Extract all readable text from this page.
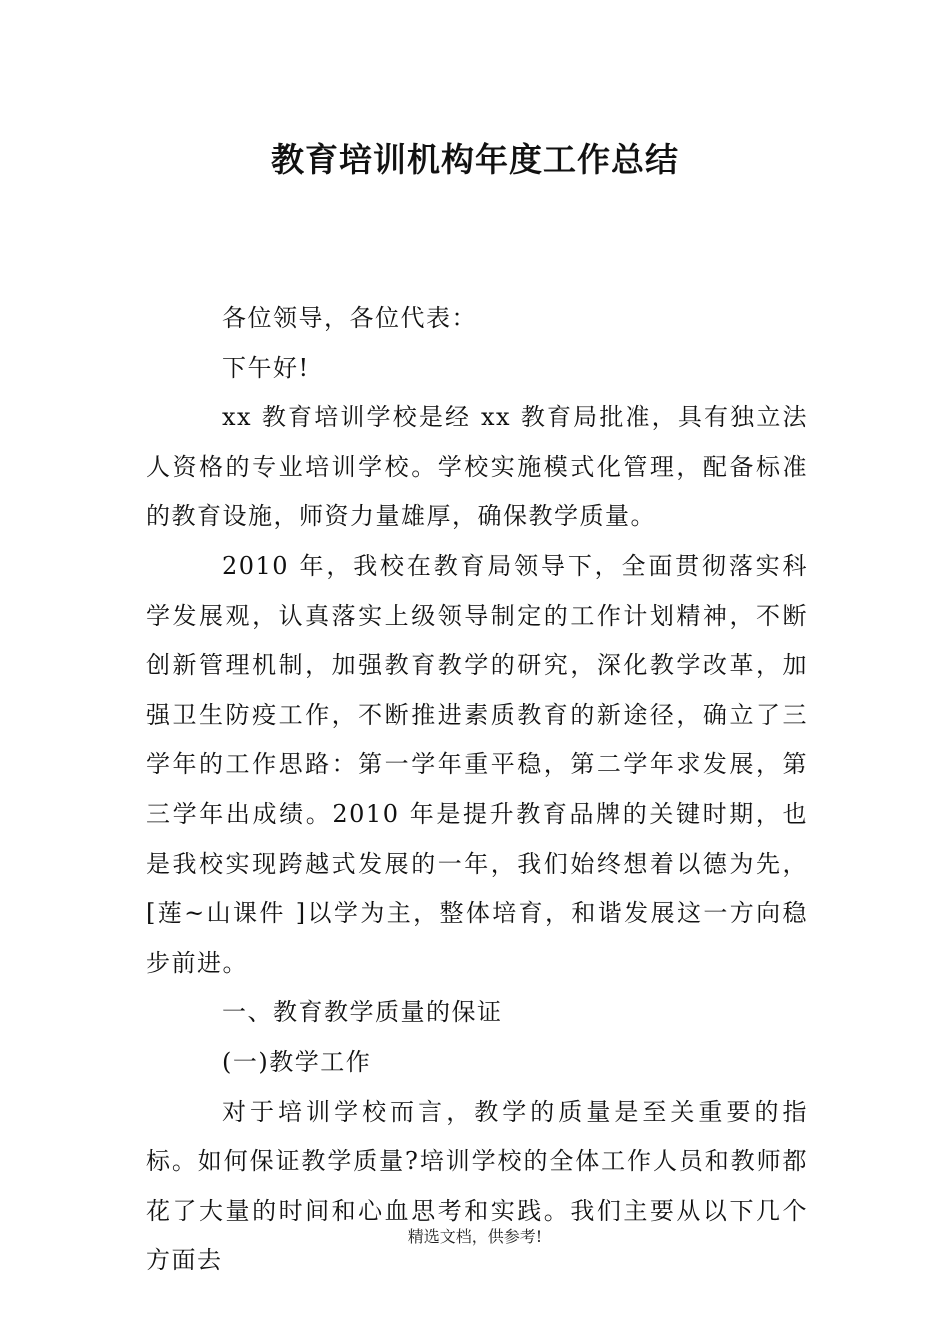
教育培训机构年度工作总结

各位领导，各位代表：

下午好!

xx 教育培训学校是经 xx 教育局批准，具有独立法人资格的专业培训学校。学校实施模式化管理，配备标准的教育设施，师资力量雄厚，确保教学质量。

2010 年，我校在教育局领导下，全面贯彻落实科学发展观，认真落实上级领导制定的工作计划精神，不断创新管理机制，加强教育教学的研究，深化教学改革，加强卫生防疫工作，不断推进素质教育的新途径，确立了三学年的工作思路：第一学年重平稳，第二学年求发展，第三学年出成绩。2010 年是提升教育品牌的关键时期，也是我校实现跨越式发展的一年，我们始终想着以德为先，[莲~山课件 ]以学为主，整体培育，和谐发展这一方向稳步前进。

一、教育教学质量的保证

(一)教学工作

对于培训学校而言，教学的质量是至关重要的指标。如何保证教学质量?培训学校的全体工作人员和教师都花了大量的时间和心血思考和实践。我们主要从以下几个方面去

精选文档，供参考!
